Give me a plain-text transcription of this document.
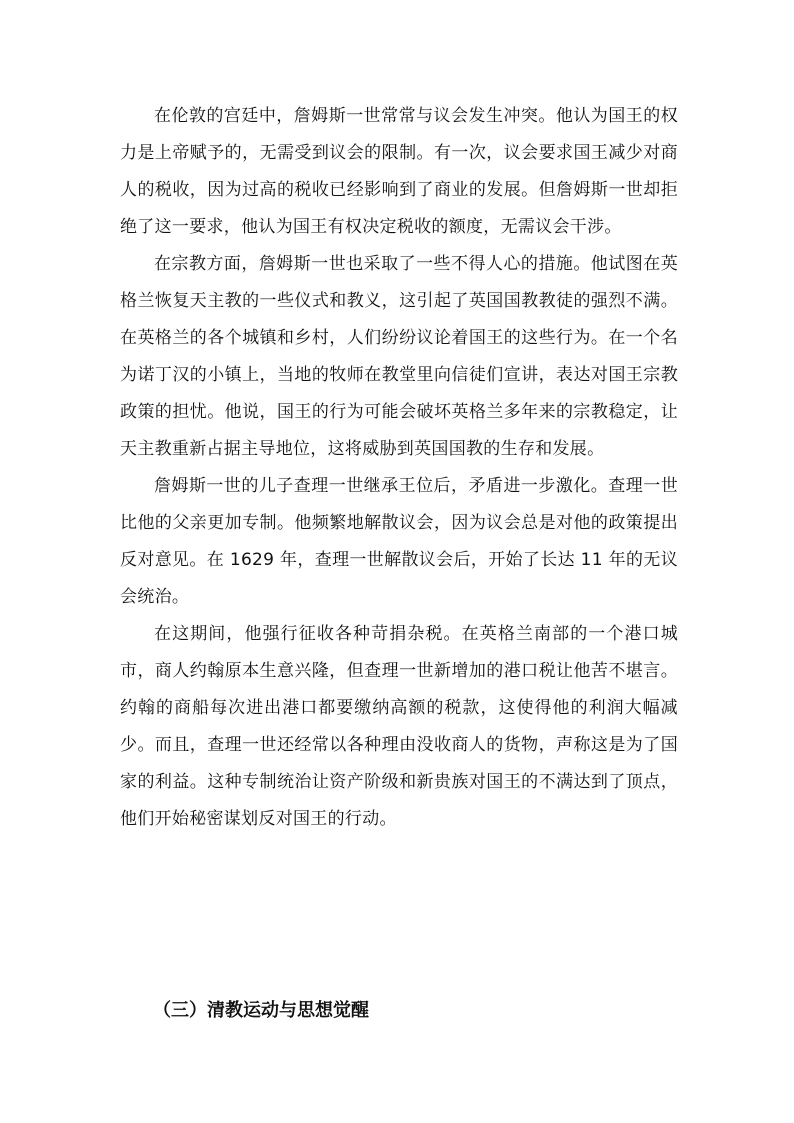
在伦敦的宫廷中，詹姆斯一世常常与议会发生冲突。他认为国王的权力是上帝赋予的，无需受到议会的限制。有一次，议会要求国王减少对商人的税收，因为过高的税收已经影响到了商业的发展。但詹姆斯一世却拒绝了这一要求，他认为国王有权决定税收的额度，无需议会干涉。

在宗教方面，詹姆斯一世也采取了一些不得人心的措施。他试图在英格兰恢复天主教的一些仪式和教义，这引起了英国国教教徒的强烈不满。在英格兰的各个城镇和乡村，人们纷纷议论着国王的这些行为。在一个名为诺丁汉的小镇上，当地的牧师在教堂里向信徒们宣讲，表达对国王宗教政策的担忧。他说，国王的行为可能会破坏英格兰多年来的宗教稳定，让天主教重新占据主导地位，这将威胁到英国国教的生存和发展。

詹姆斯一世的儿子查理一世继承王位后，矛盾进一步激化。查理一世比他的父亲更加专制。他频繁地解散议会，因为议会总是对他的政策提出反对意见。在 1629 年，查理一世解散议会后，开始了长达 11 年的无议会统治。

在这期间，他强行征收各种苛捐杂税。在英格兰南部的一个港口城市，商人约翰原本生意兴隆，但查理一世新增加的港口税让他苦不堪言。约翰的商船每次进出港口都要缴纳高额的税款，这使得他的利润大幅减少。而且，查理一世还经常以各种理由没收商人的货物，声称这是为了国家的利益。这种专制统治让资产阶级和新贵族对国王的不满达到了顶点，他们开始秘密谋划反对国王的行动。

（三）清教运动与思想觉醒
